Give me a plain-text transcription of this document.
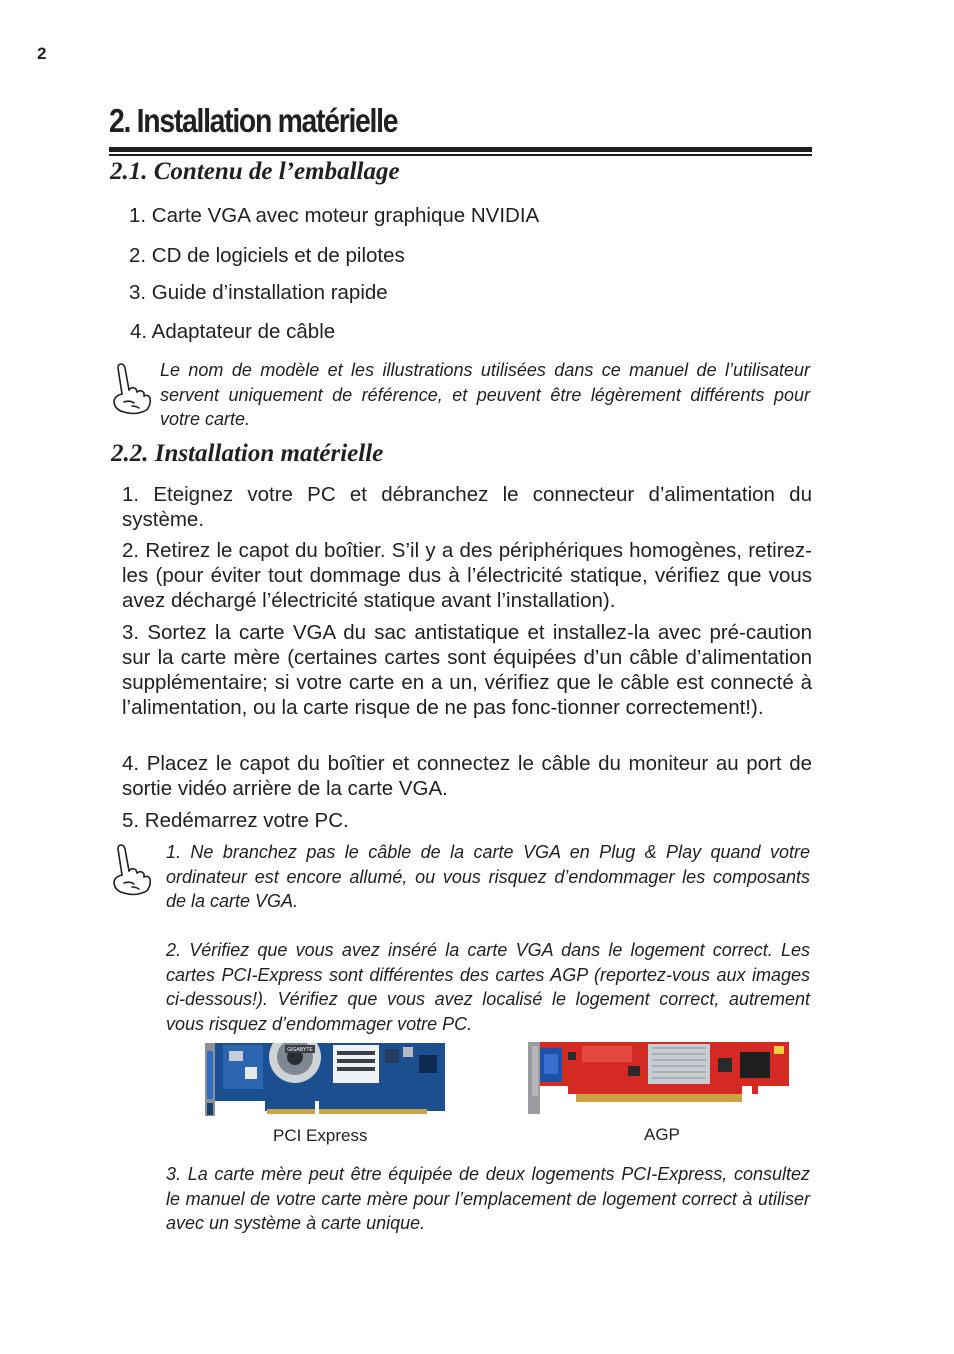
2
2. Installation matérielle
2.1. Contenu de l’emballage
1. Carte VGA avec moteur graphique NVIDIA
2. CD de logiciels et de pilotes
3. Guide d’installation rapide
4. Adaptateur de câble
Le nom de modèle et les illustrations utilisées dans ce manuel de l’utilisateur servent uniquement de référence, et peuvent être légèrement différents pour votre carte.
2.2. Installation matérielle
1. Eteignez votre PC et débranchez le connecteur d’alimentation du système.
2. Retirez le capot du boîtier. S’il y a des périphériques homogènes, retirez-les (pour éviter tout dommage dus à l’électricité statique, vérifiez que vous avez déchargé l’électricité statique avant l’installation).
3. Sortez la carte VGA du sac antistatique et installez-la avec pré-caution sur la carte mère (certaines cartes sont équipées d’un câble d’alimentation supplémentaire; si votre carte en a un, vérifiez que le câble est connecté à l’alimentation, ou la carte risque de ne pas fonc-tionner correctement!).
4. Placez le capot du boîtier et connectez le câble du moniteur au port de sortie vidéo arrière de la carte VGA.
5. Redémarrez votre PC.
1. Ne branchez pas le câble de la carte VGA en Plug & Play quand votre ordinateur est encore allumé, ou vous risquez d’endommager les composants de la carte VGA.
2. Vérifiez que vous avez inséré la carte VGA dans le logement correct. Les cartes PCI-Express sont différentes des cartes AGP (reportez-vous aux images ci-dessous!). Vérifiez que vous avez localisé le logement correct, autrement vous risquez d’endommager votre PC.
GIGABYTE
PCI Express	AGP
3. La carte mère peut être équipée de deux logements PCI-Express, consultez le manuel de votre carte mère pour l’emplacement de logement correct à utiliser avec un système à carte unique.
